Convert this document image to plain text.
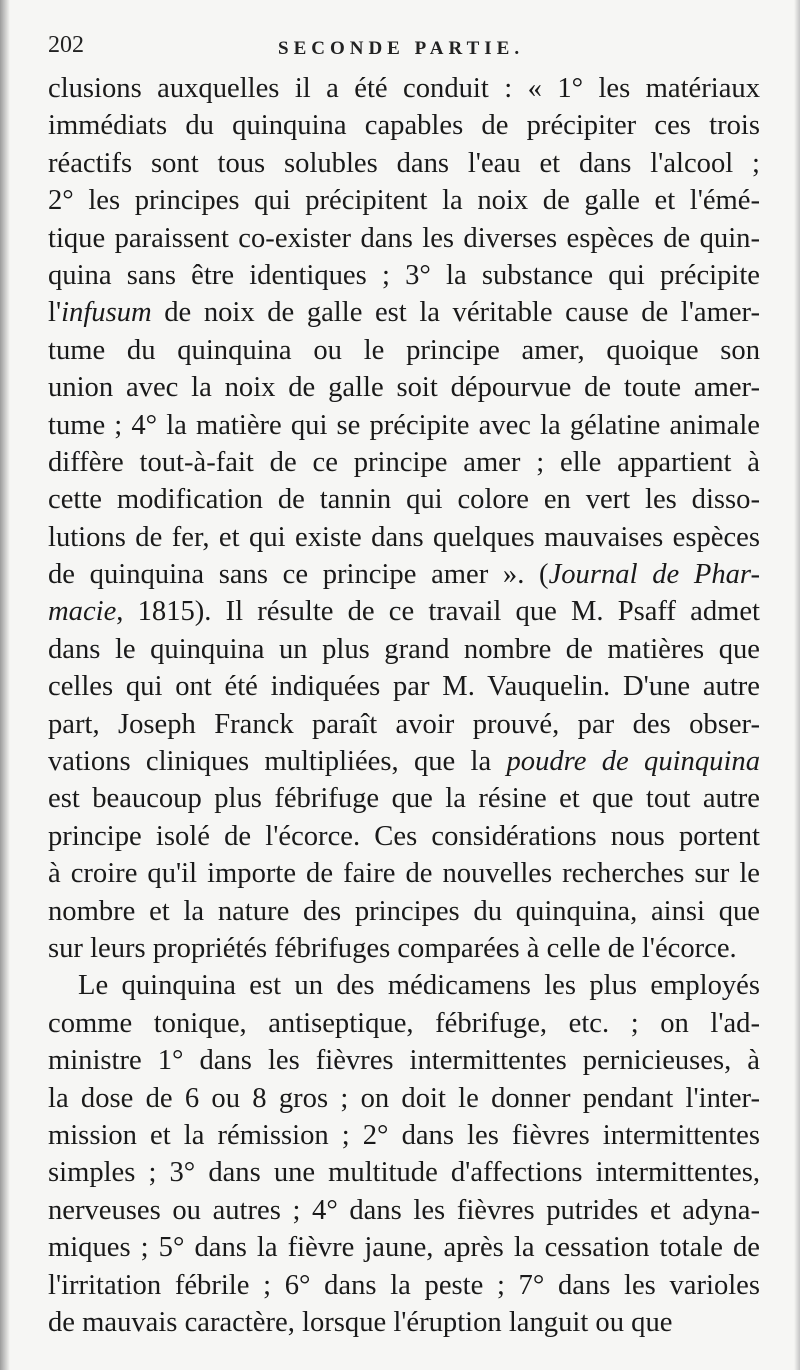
202	SECONDE PARTIE.
clusions auxquelles il a été conduit : « 1° les matériaux
immédiats du quinquina capables de précipiter ces trois
réactifs sont tous solubles dans l'eau et dans l'alcool ;
2° les principes qui précipitent la noix de galle et l'émé-
tique paraissent co-exister dans les diverses espèces de quin-
quina sans être identiques ; 3° la substance qui précipite
l'infusum de noix de galle est la véritable cause de l'amer-
tume du quinquina ou le principe amer, quoique son
union avec la noix de galle soit dépourvue de toute amer-
tume ; 4° la matière qui se précipite avec la gélatine animale
diffère tout-à-fait de ce principe amer ; elle appartient à
cette modification de tannin qui colore en vert les disso-
lutions de fer, et qui existe dans quelques mauvaises espèces
de quinquina sans ce principe amer ». (Journal de Phar-
macie, 1815). Il résulte de ce travail que M. Psaff admet
dans le quinquina un plus grand nombre de matières que
celles qui ont été indiquées par M. Vauquelin. D'une autre
part, Joseph Franck paraît avoir prouvé, par des obser-
vations cliniques multipliées, que la poudre de quinquina
est beaucoup plus fébrifuge que la résine et que tout autre
principe isolé de l'écorce. Ces considérations nous portent
à croire qu'il importe de faire de nouvelles recherches sur le
nombre et la nature des principes du quinquina, ainsi que
sur leurs propriétés fébrifuges comparées à celle de l'écorce.
Le quinquina est un des médicamens les plus employés
comme tonique, antiseptique, fébrifuge, etc. ; on l'ad-
ministre 1° dans les fièvres intermittentes pernicieuses, à
la dose de 6 ou 8 gros ; on doit le donner pendant l'inter-
mission et la rémission ; 2° dans les fièvres intermittentes
simples ; 3° dans une multitude d'affections intermittentes,
nerveuses ou autres ; 4° dans les fièvres putrides et adyna-
miques ; 5° dans la fièvre jaune, après la cessation totale de
l'irritation fébrile ; 6° dans la peste ; 7° dans les varioles
de mauvais caractère, lorsque l'éruption languit ou que
